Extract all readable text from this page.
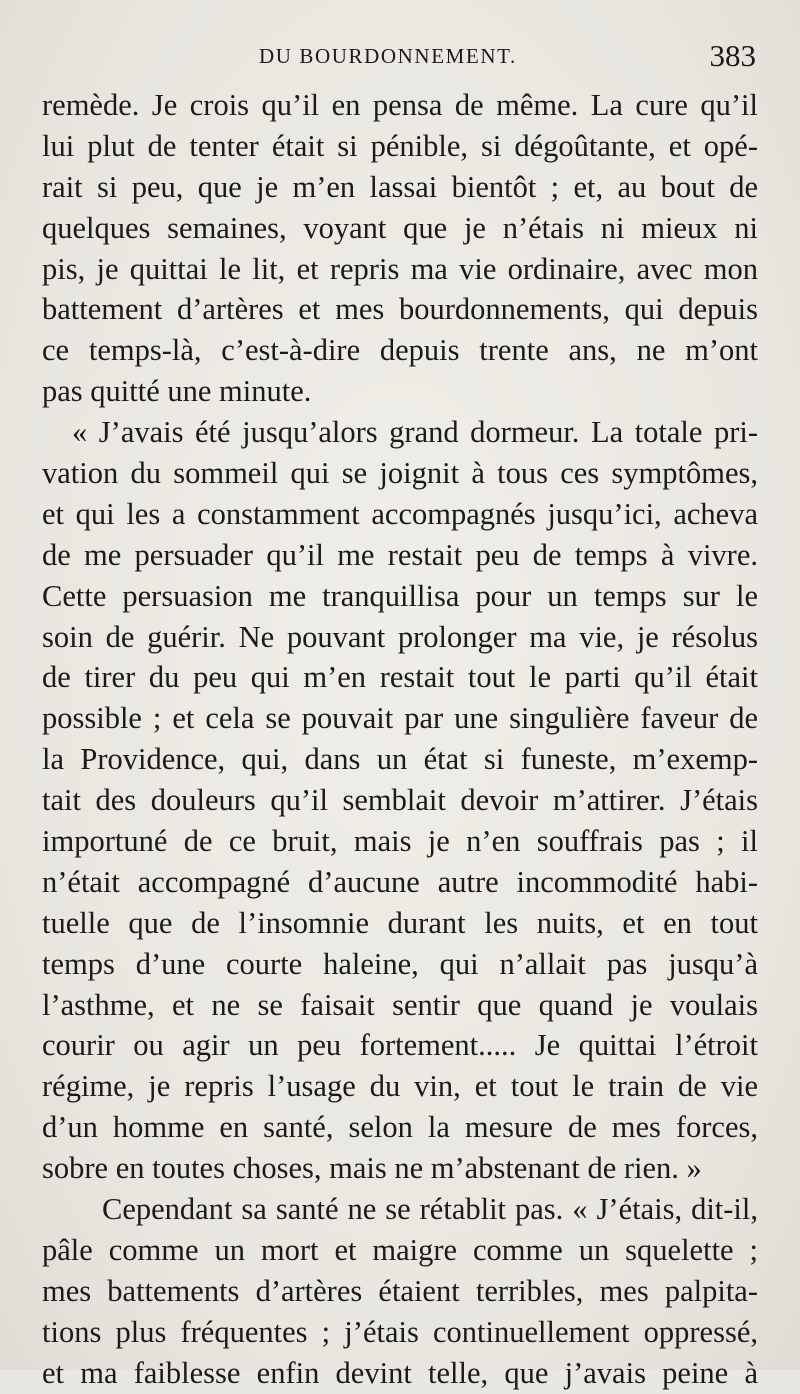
DU BOURDONNEMENT.	383
remède. Je crois qu’il en pensa de même. La cure qu’il
lui plut de tenter était si pénible, si dégoûtante, et opé-
rait si peu, que je m’en lassai bientôt ; et, au bout de
quelques semaines, voyant que je n’étais ni mieux ni
pis, je quittai le lit, et repris ma vie ordinaire, avec mon
battement d’artères et mes bourdonnements, qui depuis
ce temps-là, c’est-à-dire depuis trente ans, ne m’ont
pas quitté une minute.
« J’avais été jusqu’alors grand dormeur. La totale pri-
vation du sommeil qui se joignit à tous ces symptômes,
et qui les a constamment accompagnés jusqu’ici, acheva
de me persuader qu’il me restait peu de temps à vivre.
Cette persuasion me tranquillisa pour un temps sur le
soin de guérir. Ne pouvant prolonger ma vie, je résolus
de tirer du peu qui m’en restait tout le parti qu’il était
possible ; et cela se pouvait par une singulière faveur de
la Providence, qui, dans un état si funeste, m’exemp-
tait des douleurs qu’il semblait devoir m’attirer. J’étais
importuné de ce bruit, mais je n’en souffrais pas ; il
n’était accompagné d’aucune autre incommodité habi-
tuelle que de l’insomnie durant les nuits, et en tout
temps d’une courte haleine, qui n’allait pas jusqu’à
l’asthme, et ne se faisait sentir que quand je voulais
courir ou agir un peu fortement..... Je quittai l’étroit
régime, je repris l’usage du vin, et tout le train de vie
d’un homme en santé, selon la mesure de mes forces,
sobre en toutes choses, mais ne m’abstenant de rien. »
Cependant sa santé ne se rétablit pas. « J’étais, dit-il,
pâle comme un mort et maigre comme un squelette ;
mes battements d’artères étaient terribles, mes palpita-
tions plus fréquentes ; j’étais continuellement oppressé,
et ma faiblesse enfin devint telle, que j’avais peine à
